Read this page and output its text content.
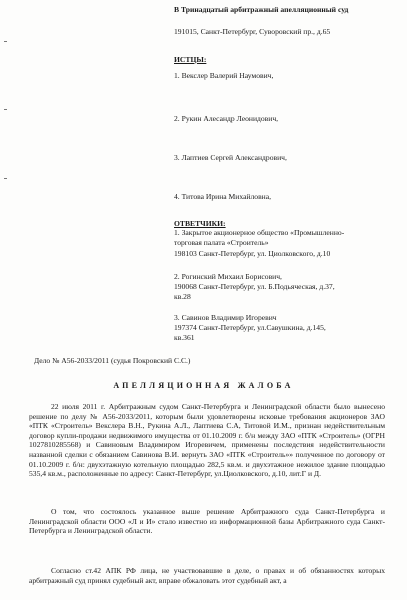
В Тринадцатый арбитражный апелляционный суд
191015, Санкт-Петербург, Суворовский пр., д.65
ИСТЦЫ:
1. Векслер Валерий Наумович,
2. Рукин Алесандр Леонидович,
3. Лаптиев Сергей Александрович,
4. Титова Ирина Михайловна,
ОТВЕТЧИКИ:
1. Закрытое акционерное общество «Промышленно-
торговая палата «Строитель»
198103 Санкт-Петербург, ул. Циолковского, д.10
2. Рогинский Михаил Борисович,
190068 Санкт-Петербург, ул. Б.Подьяческая, д.37,
кв.28
3. Савинов Владимир Игоревич
197374 Санкт-Петербург, ул.Савушкина, д.145,
кв.361
Дело № А56-2033/2011 (судья Покровский С.С.)
АПЕЛЛЯЦИОННАЯ ЖАЛОБА

22 июля 2011 г. Арбитражным судом Санкт-Петербурга и Ленинградской области было вынесено решение по делу № А56-2033/2011, которым были удовлетворены исковые требования акционеров ЗАО «ПТК «Строитель» Векслера В.Н., Рукина А.Л., Лаптиева С.А, Титовой И.М., признан недействительным договор купли-продажи недвижимого имущества от 01.10.2009 г. б/н между ЗАО «ПТК «Строитель» (ОГРН 1027810285568) и Савиновым Владимиром Игоревичем, применены последствия недействительности названной сделки с обязанием Савинова В.И. вернуть ЗАО «ПТК «Строитель»» полученное по договору от 01.10.2009 г. б/н: двухэтажную котельную площадью 282,5 кв.м. и двухэтажное нежилое здание площадью 535,4 кв.м., расположенные по адресу: Санкт-Петербург, ул.Циолковского, д.10, лит.Г и Д.

О том, что состоялось указанное выше решение Арбитражного суда Санкт-Петербурга и Ленинградской области ООО «Л и И» стало известно из информационной базы Арбитражного суда Санкт-Петербурга и Ленинградской области.

Согласно ст.42 АПК РФ лица, не участвовавшие в деле, о правах и об обязанностях которых арбитражный суд принял судебный акт, вправе обжаловать этот судебный акт, а
